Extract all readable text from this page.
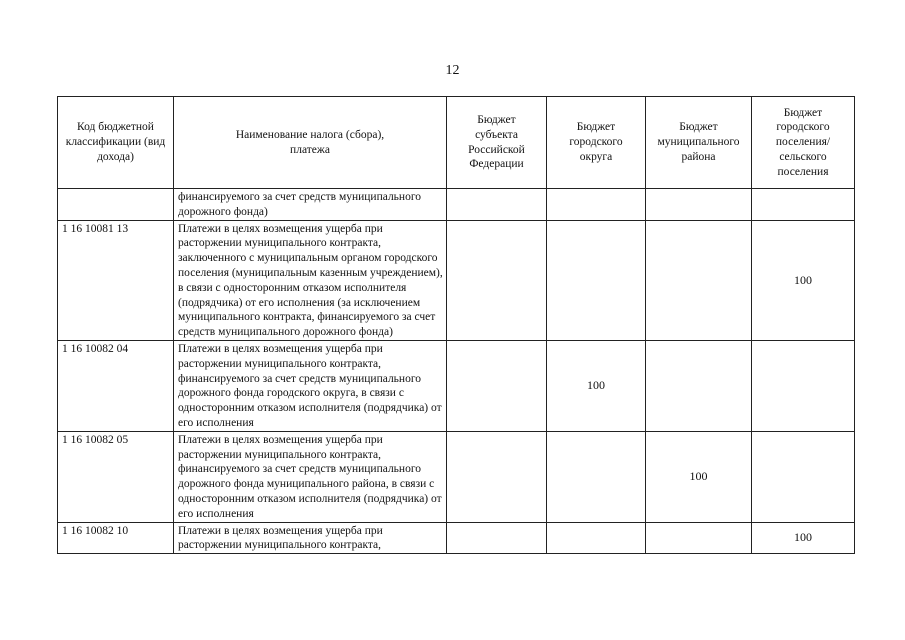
12
Код бюджетной классификации (вид дохода)	Наименование налога (сбора), платежа	Бюджет субъекта Российской Федерации	Бюджет городского округа	Бюджет муниципального района	Бюджет городского поселения/ сельского поселения

	финансируемого за счет средств муниципального дорожного фонда)				
1 16 10081 13	Платежи в целях возмещения ущерба при расторжении муниципального контракта, заключенного с муниципальным органом городского поселения (муниципальным казенным учреждением), в связи с односторонним отказом исполнителя (подрядчика) от его исполнения (за исключением муниципального контракта, финансируемого за счет средств муниципального дорожного фонда)				100
1 16 10082 04	Платежи в целях возмещения ущерба при расторжении муниципального контракта, финансируемого за счет средств муниципального дорожного фонда городского округа, в связи с односторонним отказом исполнителя (подрядчика) от его исполнения		100		
1 16 10082 05	Платежи в целях возмещения ущерба при расторжении муниципального контракта, финансируемого за счет средств муниципального дорожного фонда муниципального района, в связи с односторонним отказом исполнителя (подрядчика) от его исполнения			100	
1 16 10082 10	Платежи в целях возмещения ущерба при расторжении муниципального контракта,				100
